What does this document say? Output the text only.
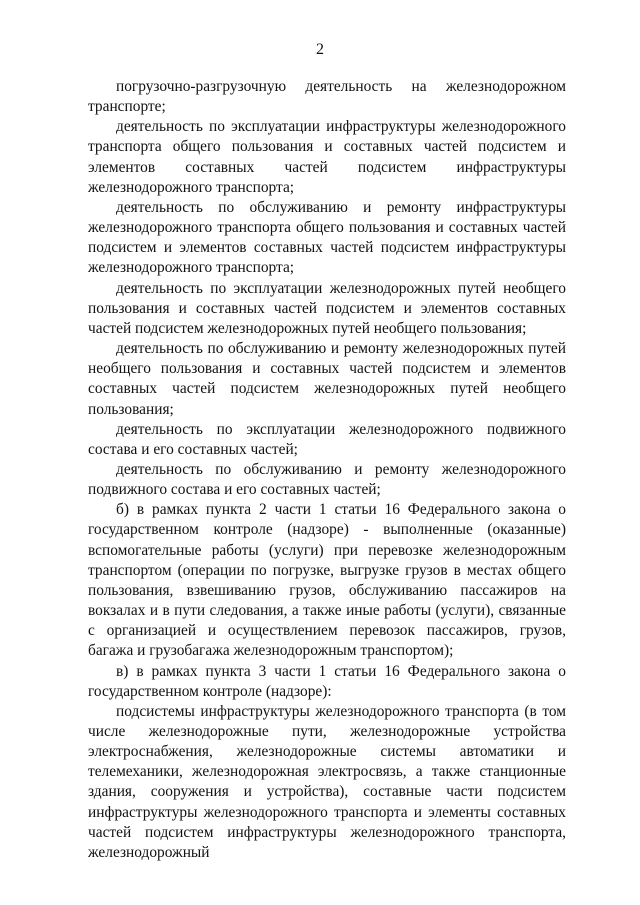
2

погрузочно-разгрузочную деятельность на железнодорожном транспорте;

деятельность по эксплуатации инфраструктуры железнодорожного транспорта общего пользования и составных частей подсистем и элементов составных частей подсистем инфраструктуры железнодорожного транспорта;

деятельность по обслуживанию и ремонту инфраструктуры железнодорожного транспорта общего пользования и составных частей подсистем и элементов составных частей подсистем инфраструктуры железнодорожного транспорта;

деятельность по эксплуатации железнодорожных путей необщего пользования и составных частей подсистем и элементов составных частей подсистем железнодорожных путей необщего пользования;

деятельность по обслуживанию и ремонту железнодорожных путей необщего пользования и составных частей подсистем и элементов составных частей подсистем железнодорожных путей необщего пользования;

деятельность по эксплуатации железнодорожного подвижного состава и его составных частей;

деятельность по обслуживанию и ремонту железнодорожного подвижного состава и его составных частей;

б) в рамках пункта 2 части 1 статьи 16 Федерального закона о государственном контроле (надзоре) - выполненные (оказанные) вспомогательные работы (услуги) при перевозке железнодорожным транспортом (операции по погрузке, выгрузке грузов в местах общего пользования, взвешиванию грузов, обслуживанию пассажиров на вокзалах и в пути следования, а также иные работы (услуги), связанные с организацией и осуществлением перевозок пассажиров, грузов, багажа и грузобагажа железнодорожным транспортом);

в) в рамках пункта 3 части 1 статьи 16 Федерального закона о государственном контроле (надзоре):

подсистемы инфраструктуры железнодорожного транспорта (в том числе железнодорожные пути, железнодорожные устройства электроснабжения, железнодорожные системы автоматики и телемеханики, железнодорожная электросвязь, а также станционные здания, сооружения и устройства), составные части подсистем инфраструктуры железнодорожного транспорта и элементы составных частей подсистем инфраструктуры железнодорожного транспорта, железнодорожный
